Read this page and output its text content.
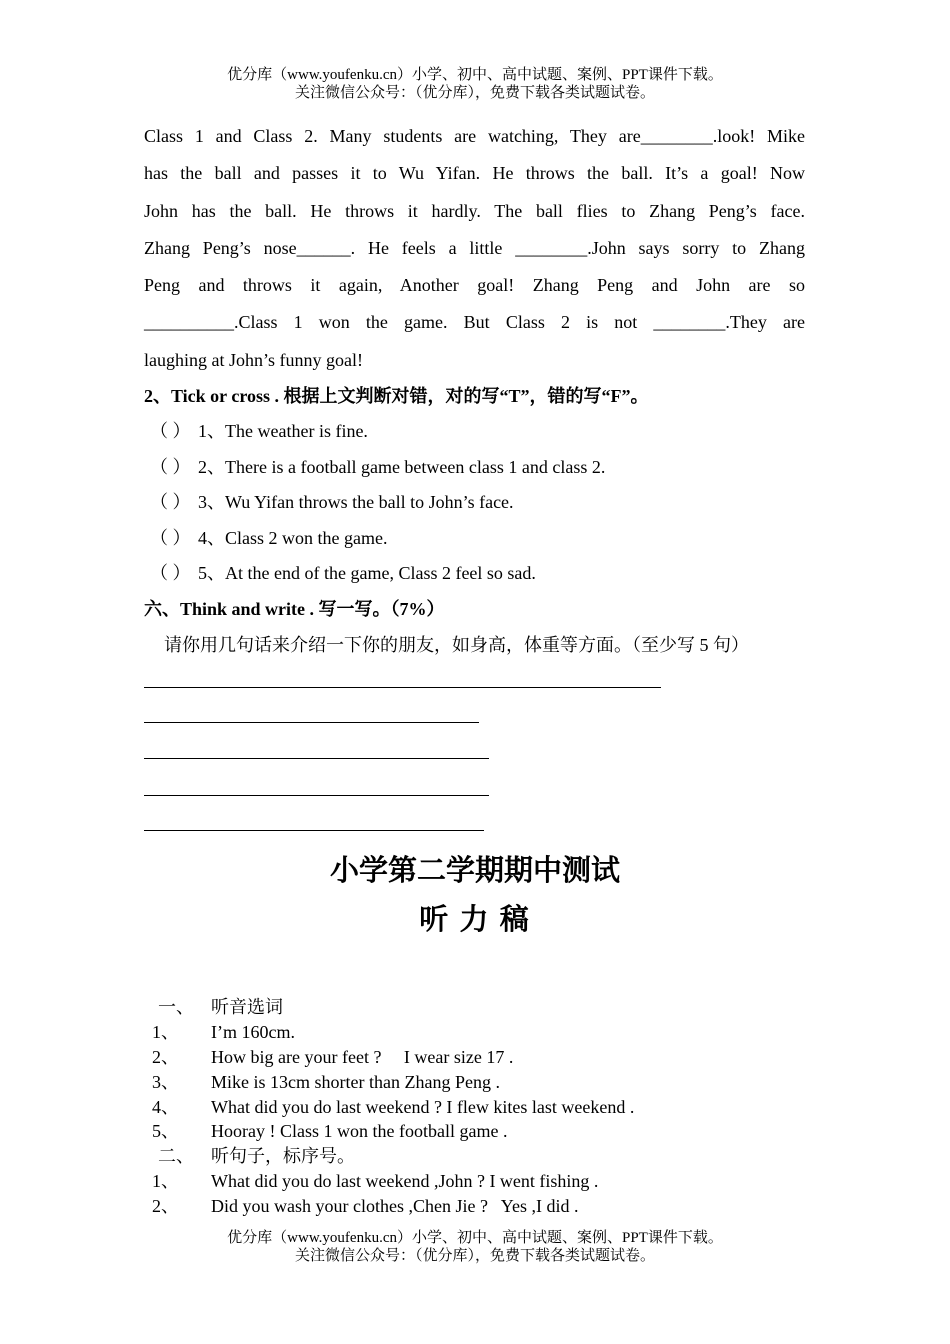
优分库（www.youfenku.cn）小学、初中、高中试题、案例、PPT课件下载。
关注微信公众号：（优分库），免费下载各类试题试卷。
Class 1 and Class 2. Many students are watching, They are________.look! Mike
has the ball and passes it to Wu Yifan. He throws the ball. It’s a goal! Now
John has the ball. He throws it hardly. The ball flies to Zhang Peng’s face.
Zhang Peng’s nose______. He feels a little ________.John says sorry to Zhang
Peng and throws it again, Another goal! Zhang Peng and John are so
__________.Class 1 won the game. But Class 2 is not ________.They are
laughing at John’s funny goal!
2、Tick or cross . 根据上文判断对错，对的写“T”，错的写“F”。
（ ） 1、The weather is fine.
（ ） 2、There is a football game between class 1 and class 2.
（ ） 3、Wu Yifan throws the ball to John’s face.
（ ） 4、Class 2 won the game.
（ ） 5、At the end of the game, Class 2 feel so sad.
六、Think and write . 写一写。（7%）
请你用几句话来介绍一下你的朋友，如身高，体重等方面。（至少写 5 句）
小学第二学期期中测试
听 力 稿
一、 听音选词
1、 I’m 160cm.
2、 How big are your feet ?     I wear size 17 .
3、 Mike is 13cm shorter than Zhang Peng .
4、 What did you do last weekend ? I flew kites last weekend .
5、 Hooray ! Class 1 won the football game .
二、 听句子，标序号。
1、 What did you do last weekend ,John ? I went fishing .
2、 Did you wash your clothes ,Chen Jie ?   Yes ,I did .
优分库（www.youfenku.cn）小学、初中、高中试题、案例、PPT课件下载。
关注微信公众号：（优分库），免费下载各类试题试卷。
